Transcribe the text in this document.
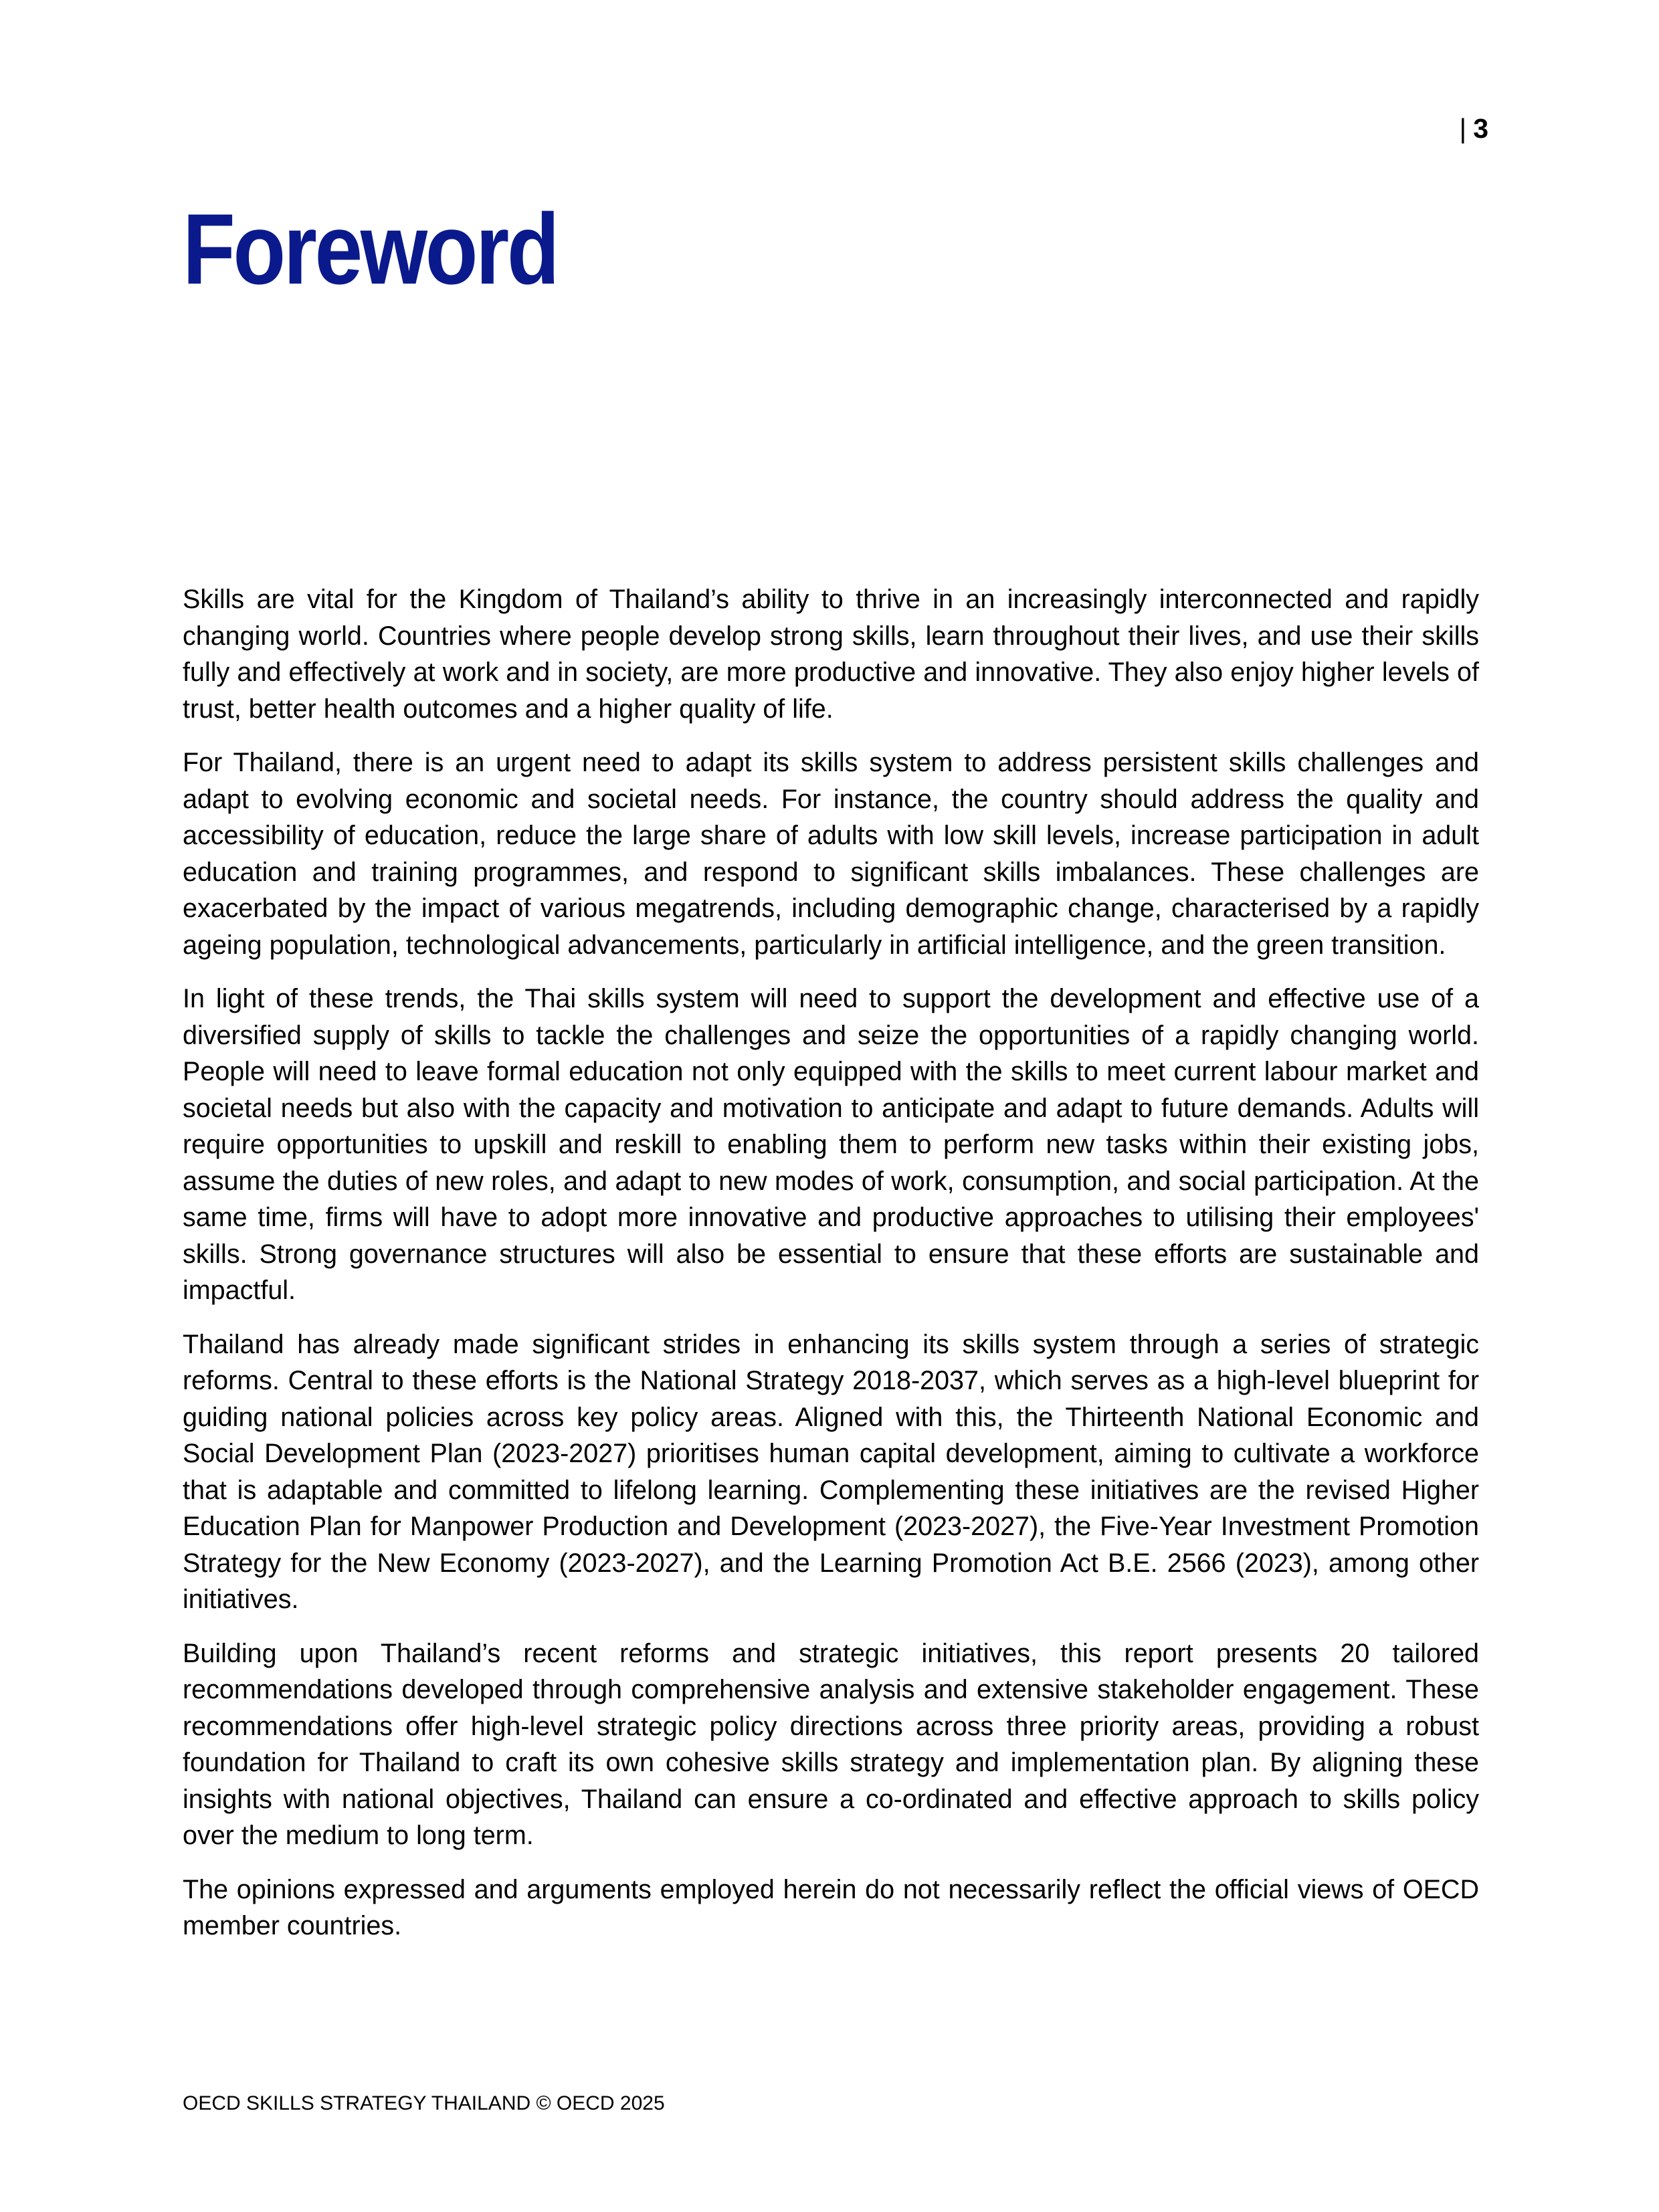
| 3
Foreword

Skills are vital for the Kingdom of Thailand’s ability to thrive in an increasingly interconnected and rapidly changing world. Countries where people develop strong skills, learn throughout their lives, and use their skills fully and effectively at work and in society, are more productive and innovative. They also enjoy higher levels of trust, better health outcomes and a higher quality of life.

For Thailand, there is an urgent need to adapt its skills system to address persistent skills challenges and adapt to evolving economic and societal needs. For instance, the country should address the quality and accessibility of education, reduce the large share of adults with low skill levels, increase participation in adult education and training programmes, and respond to significant skills imbalances. These challenges are exacerbated by the impact of various megatrends, including demographic change, characterised by a rapidly ageing population, technological advancements, particularly in artificial intelligence, and the green transition.

In light of these trends, the Thai skills system will need to support the development and effective use of a diversified supply of skills to tackle the challenges and seize the opportunities of a rapidly changing world. People will need to leave formal education not only equipped with the skills to meet current labour market and societal needs but also with the capacity and motivation to anticipate and adapt to future demands. Adults will require opportunities to upskill and reskill to enabling them to perform new tasks within their existing jobs, assume the duties of new roles, and adapt to new modes of work, consumption, and social participation. At the same time, firms will have to adopt more innovative and productive approaches to utilising their employees' skills. Strong governance structures will also be essential to ensure that these efforts are sustainable and impactful.

Thailand has already made significant strides in enhancing its skills system through a series of strategic reforms. Central to these efforts is the National Strategy 2018-2037, which serves as a high-level blueprint for guiding national policies across key policy areas. Aligned with this, the Thirteenth National Economic and Social Development Plan (2023-2027) prioritises human capital development, aiming to cultivate a workforce that is adaptable and committed to lifelong learning. Complementing these initiatives are the revised Higher Education Plan for Manpower Production and Development (2023-2027), the Five-Year Investment Promotion Strategy for the New Economy (2023-2027), and the Learning Promotion Act B.E. 2566 (2023), among other initiatives.

Building upon Thailand’s recent reforms and strategic initiatives, this report presents 20 tailored recommendations developed through comprehensive analysis and extensive stakeholder engagement. These recommendations offer high-level strategic policy directions across three priority areas, providing a robust foundation for Thailand to craft its own cohesive skills strategy and implementation plan. By aligning these insights with national objectives, Thailand can ensure a co-ordinated and effective approach to skills policy over the medium to long term.

The opinions expressed and arguments employed herein do not necessarily reflect the official views of OECD member countries.

OECD SKILLS STRATEGY THAILAND © OECD 2025
